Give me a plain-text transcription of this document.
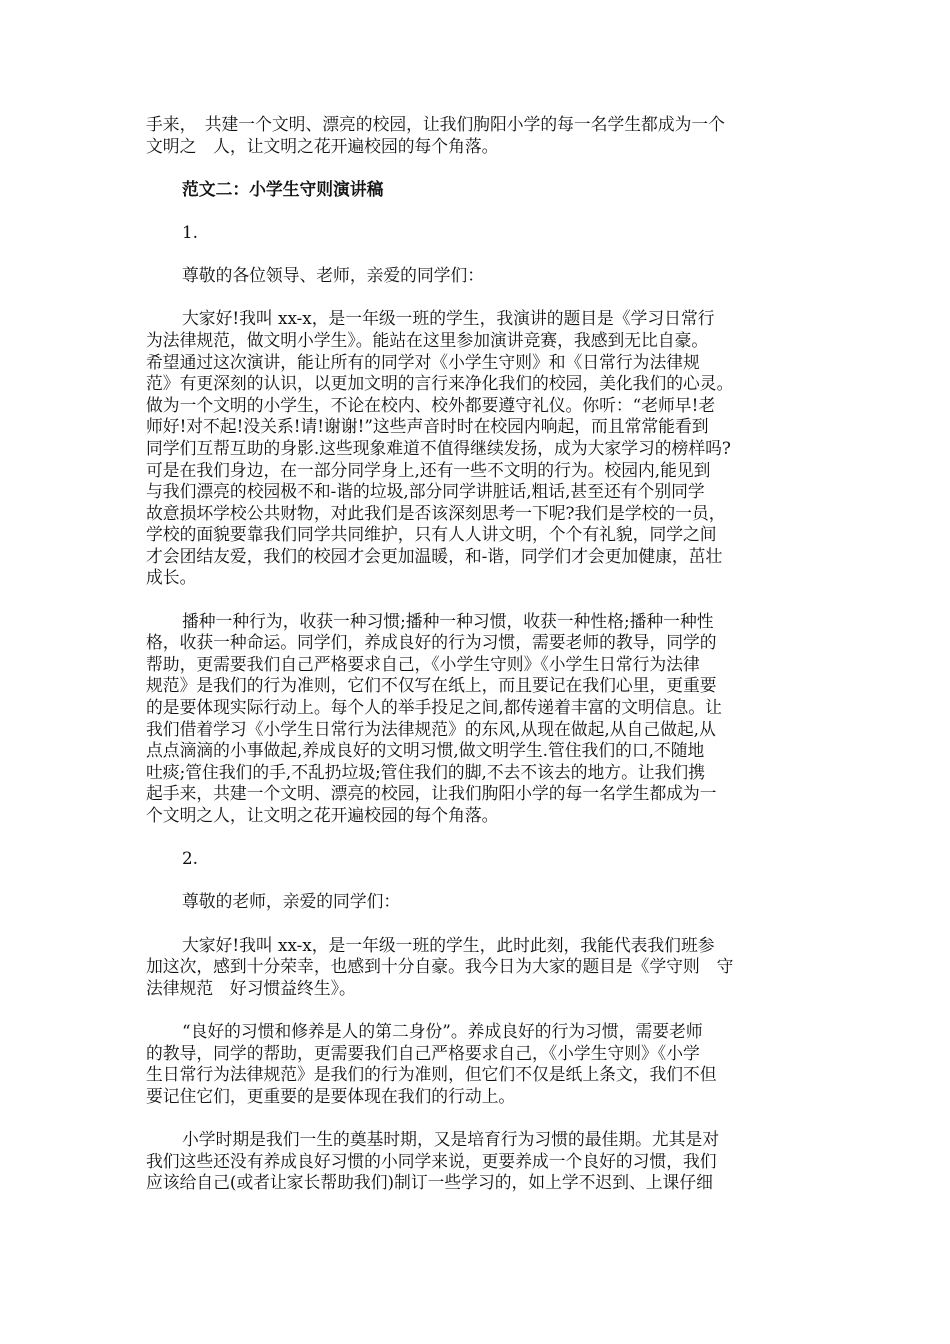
手来，　共建一个文明、漂亮的校园，让我们朐阳小学的每一名学生都成为一个
文明之　人，让文明之花开遍校园的每个角落。

范文二：小学生守则演讲稿

1.

尊敬的各位领导、老师，亲爱的同学们：

大家好!我叫 xx-x，是一年级一班的学生，我演讲的题目是《学习日常行
为法律规范，做文明小学生》。能站在这里参加演讲竞赛，我感到无比自豪。
希望通过这次演讲，能让所有的同学对《小学生守则》和《日常行为法律规
范》有更深刻的认识，以更加文明的言行来净化我们的校园，美化我们的心灵。
做为一个文明的小学生，不论在校内、校外都要遵守礼仪。你听：“老师早!老
师好!对不起!没关系!请!谢谢!”这些声音时时在校园内响起，而且常常能看到
同学们互帮互助的身影.这些现象难道不值得继续发扬，成为大家学习的榜样吗?
可是在我们身边，在一部分同学身上,还有一些不文明的行为。校园内,能见到
与我们漂亮的校园极不和-谐的垃圾,部分同学讲脏话,粗话,甚至还有个别同学
故意损坏学校公共财物，对此我们是否该深刻思考一下呢?我们是学校的一员，
学校的面貌要靠我们同学共同维护，只有人人讲文明，个个有礼貌，同学之间
才会团结友爱，我们的校园才会更加温暖，和-谐，同学们才会更加健康，茁壮
成长。

播种一种行为，收获一种习惯;播种一种习惯，收获一种性格;播种一种性
格，收获一种命运。同学们，养成良好的行为习惯，需要老师的教导，同学的
帮助，更需要我们自己严格要求自己，《小学生守则》《小学生日常行为法律
规范》是我们的行为准则，它们不仅写在纸上，而且要记在我们心里，更重要
的是要体现实际行动上。每个人的举手投足之间,都传递着丰富的文明信息。让
我们借着学习《小学生日常行为法律规范》的东风,从现在做起,从自己做起,从
点点滴滴的小事做起,养成良好的文明习惯,做文明学生.管住我们的口,不随地
吐痰;管住我们的手,不乱扔垃圾;管住我们的脚,不去不该去的地方。让我们携
起手来，共建一个文明、漂亮的校园，让我们朐阳小学的每一名学生都成为一
个文明之人，让文明之花开遍校园的每个角落。

2.

尊敬的老师，亲爱的同学们：

大家好!我叫 xx-x，是一年级一班的学生，此时此刻，我能代表我们班参
加这次，感到十分荣幸，也感到十分自豪。我今日为大家的题目是《学守则　守
法律规范　好习惯益终生》。

“良好的习惯和修养是人的第二身份”。养成良好的行为习惯，需要老师
的教导，同学的帮助，更需要我们自己严格要求自己，《小学生守则》《小学
生日常行为法律规范》是我们的行为准则，但它们不仅是纸上条文，我们不但
要记住它们，更重要的是要体现在我们的行动上。

小学时期是我们一生的奠基时期，又是培育行为习惯的最佳期。尤其是对
我们这些还没有养成良好习惯的小同学来说，更要养成一个良好的习惯，我们
应该给自己(或者让家长帮助我们)制订一些学习的，如上学不迟到、上课仔细
